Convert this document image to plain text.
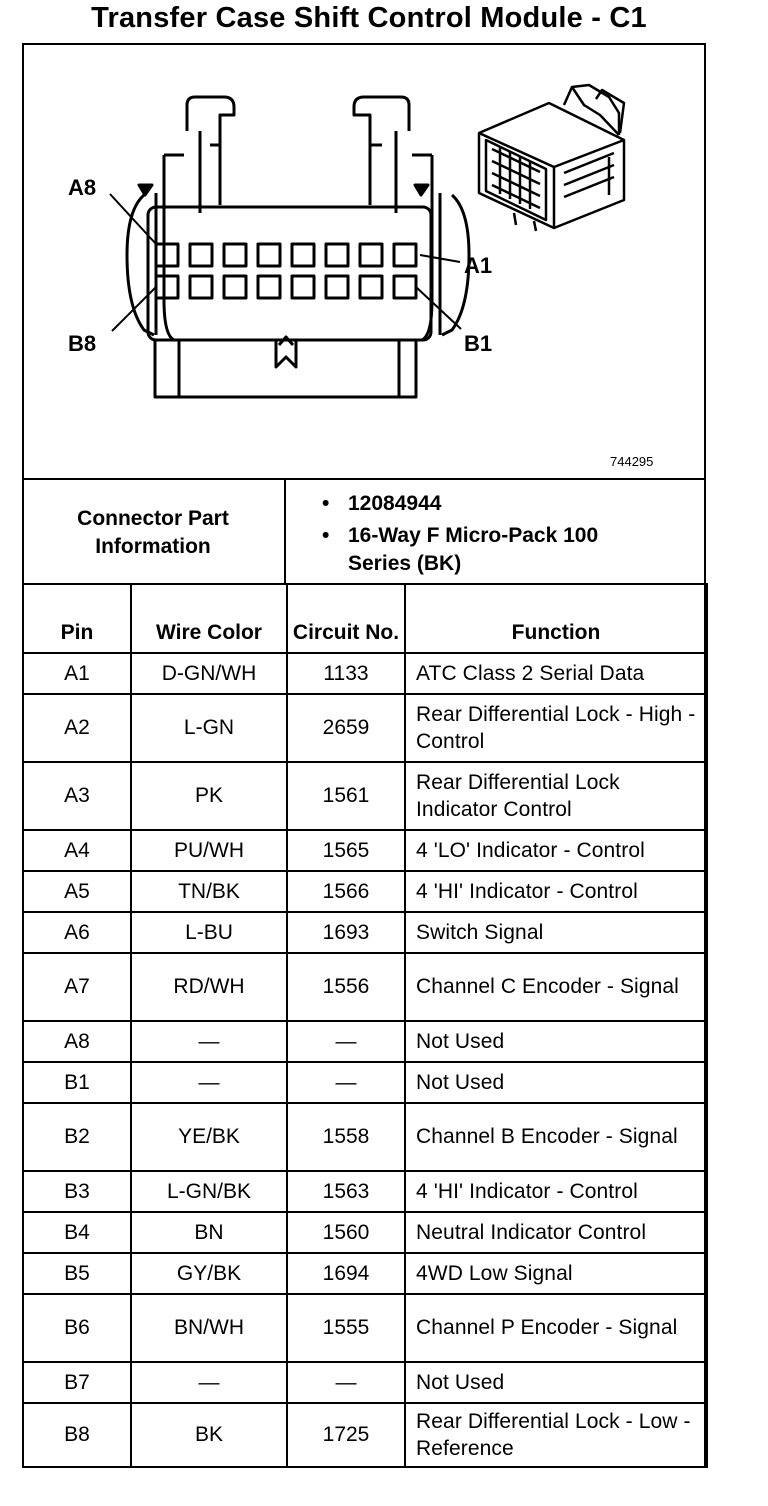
Transfer Case Shift Control Module - C1
A8
A1
B8	B1
744295
Connector Part Information
• 12084944
• 16-Way F Micro-Pack 100 Series (BK)
Pin	Wire Color	Circuit No.	Function
A1	D-GN/WH	1133	ATC Class 2 Serial Data
A2	L-GN	2659	Rear Differential Lock - High - Control
A3	PK	1561	Rear Differential Lock Indicator Control
A4	PU/WH	1565	4 'LO' Indicator - Control
A5	TN/BK	1566	4 'HI' Indicator - Control
A6	L-BU	1693	Switch Signal
A7	RD/WH	1556	Channel C Encoder - Signal
A8	—	—	Not Used
B1	—	—	Not Used
B2	YE/BK	1558	Channel B Encoder - Signal
B3	L-GN/BK	1563	4 'HI' Indicator - Control
B4	BN	1560	Neutral Indicator Control
B5	GY/BK	1694	4WD Low Signal
B6	BN/WH	1555	Channel P Encoder - Signal
B7	—	—	Not Used
B8	BK	1725	Rear Differential Lock - Low - Reference
